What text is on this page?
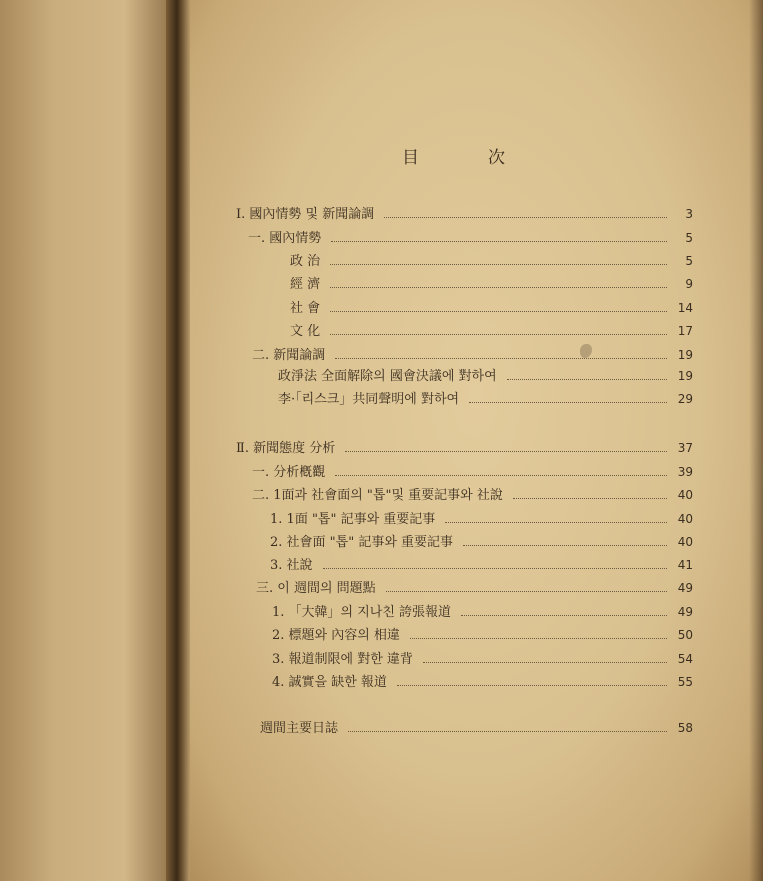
目	次
Ⅰ. 國內情勢 및 新聞論調	3
一. 國內情勢	5
政 治	5
經 濟	9
社 會	14
文 化	17
二. 新聞論調	19
政淨法 全面解除의 國會決議에 對하여	19
李·「리스크」共同聲明에 對하여	29
Ⅱ. 新聞態度 分析	37
一. 分析槪觀	39
二. 1面과 社會面의 "톱"및 重要記事와 社說	40
1. 1面 "톱" 記事와 重要記事	40
2. 社會面 "톱" 記事와 重要記事	40
3. 社說	41
三. 이 週間의 問題點	49
1. 「大韓」의 지나친 誇張報道	49
2. 標題와 內容의 相違	50
3. 報道制限에 對한 違背	54
4. 誠實을 缺한 報道	55
週間主要日誌	58
